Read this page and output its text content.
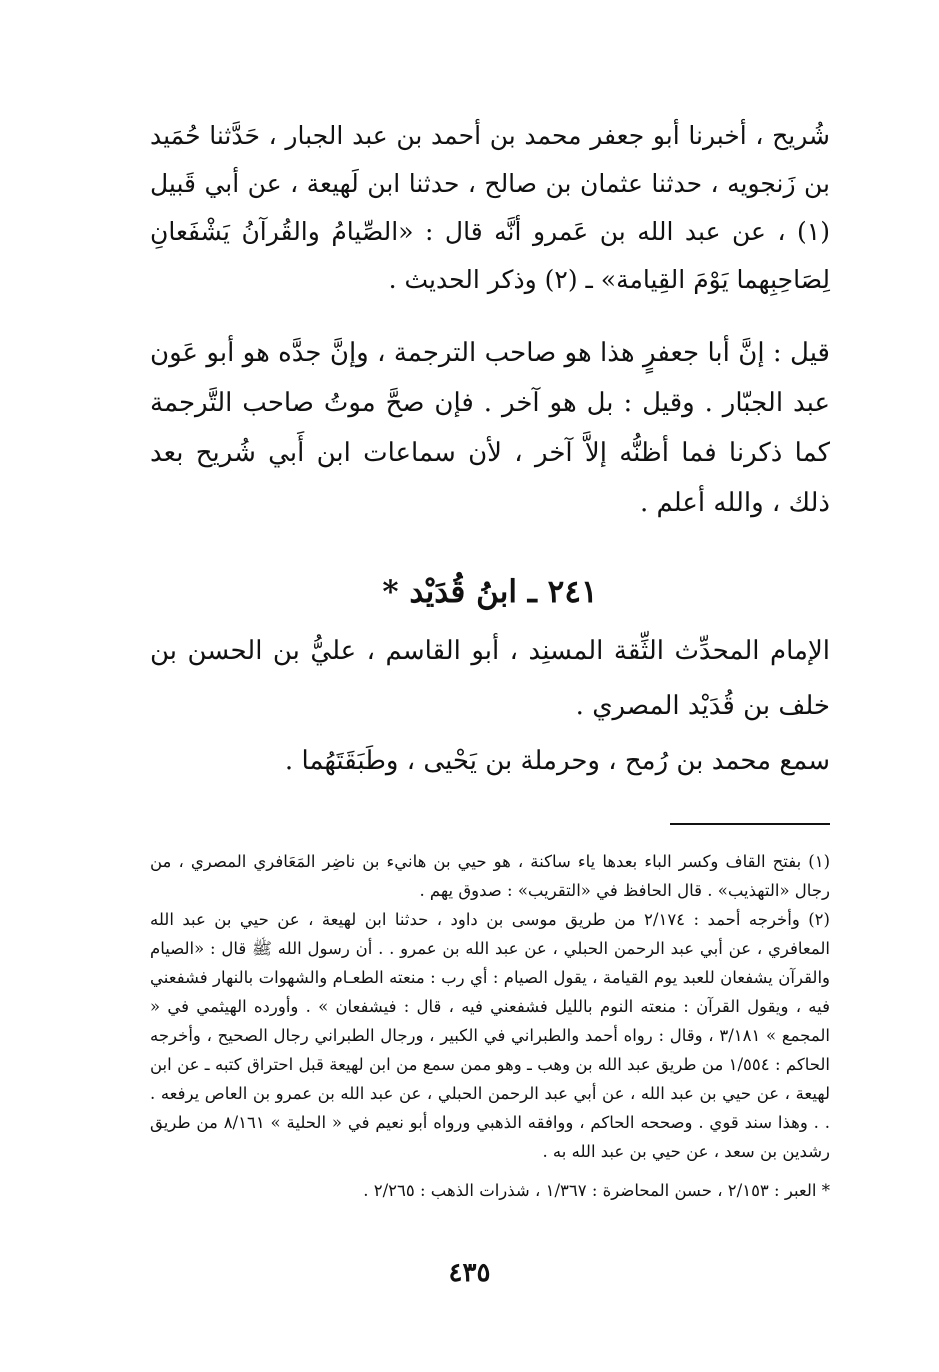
شُريح ، أخبرنا أبو جعفر محمد بن أحمد بن عبد الجبار ، حَدَّثنا حُمَيد بن زَنجويه ، حدثنا عثمان بن صالح ، حدثنا ابن لَهيعة ، عن أبي قَبيل (١) ، عن عبد الله بن عَمرو أنَّه قال : «الصِّيامُ والقُرآنُ يَشْفَعانِ لِصَاحِبِهما يَوْمَ القِيامة» ـ (٢) وذكر الحديث .

قيل : إنَّ أبا جعفرٍ هذا هو صاحب الترجمة ، وإنَّ جدَّه هو أبو عَون عبد الجبّار . وقيل : بل هو آخر . فإن صحَّ موتُ صاحب التَّرجمة كما ذكرنا فما أظنُّه إلاَّ آخر ، لأن سماعات ابن أَبي شُريح بعد ذلك ، والله أعلم .

٢٤١ ـ ابنُ قُدَيْد *

الإمام المحدِّث الثِّقة المسنِد ، أبو القاسم ، عليُّ بن الحسن بن خلف بن قُدَيْد المصري .

سمع محمد بن رُمح ، وحرملة بن يَحْيى ، وطَبَقَتَهُما .

(١) بفتح القاف وكسر الباء بعدها ياء ساكنة ، هو حيي بن هانيء بن ناضِر المَعَافري المصري ، من رجال «التهذيب» . قال الحافظ في «التقريب» : صدوق يهم .

(٢) وأخرجه أحمد : ٢/١٧٤ من طريق موسى بن داود ، حدثنا ابن لهيعة ، عن حيي بن عبد الله المعافري ، عن أبي عبد الرحمن الحبلي ، عن عبد الله بن عمرو . . أن رسول الله ﷺ قال : «الصيام والقرآن يشفعان للعبد يوم القيامة ، يقول الصيام : أي رب : منعته الطعـام والشهوات بالنهار فشفعني فيه ، ويقول القرآن : منعته النوم بالليل فشفعني فيه ، قال : فيشفعان » . وأورده الهيثمي في « المجمع » ٣/١٨١ ، وقال : رواه أحمد والطبراني في الكبير ، ورجال الطبراني رجال الصحيح ، وأخرجه الحاكم : ١/٥٥٤ من طريق عبد الله بن وهب ـ وهو ممن سمع من ابن لهيعة قبل احتراق كتبه ـ عن ابن لهيعة ، عن حيي بن عبد الله ، عن أبي عبد الرحمن الحبلي ، عن عبد الله بن عمرو بن العاص يرفعه . . . وهذا سند قوي . وصححه الحاكم ، ووافقه الذهبي ورواه أبو نعيم في « الحلية » ٨/١٦١ من طريق رشدين بن سعد ، عن حيي بن عبد الله به .

* العبر : ٢/١٥٣ ، حسن المحاضرة : ١/٣٦٧ ، شذرات الذهب : ٢/٢٦٥ .

٤٣٥
